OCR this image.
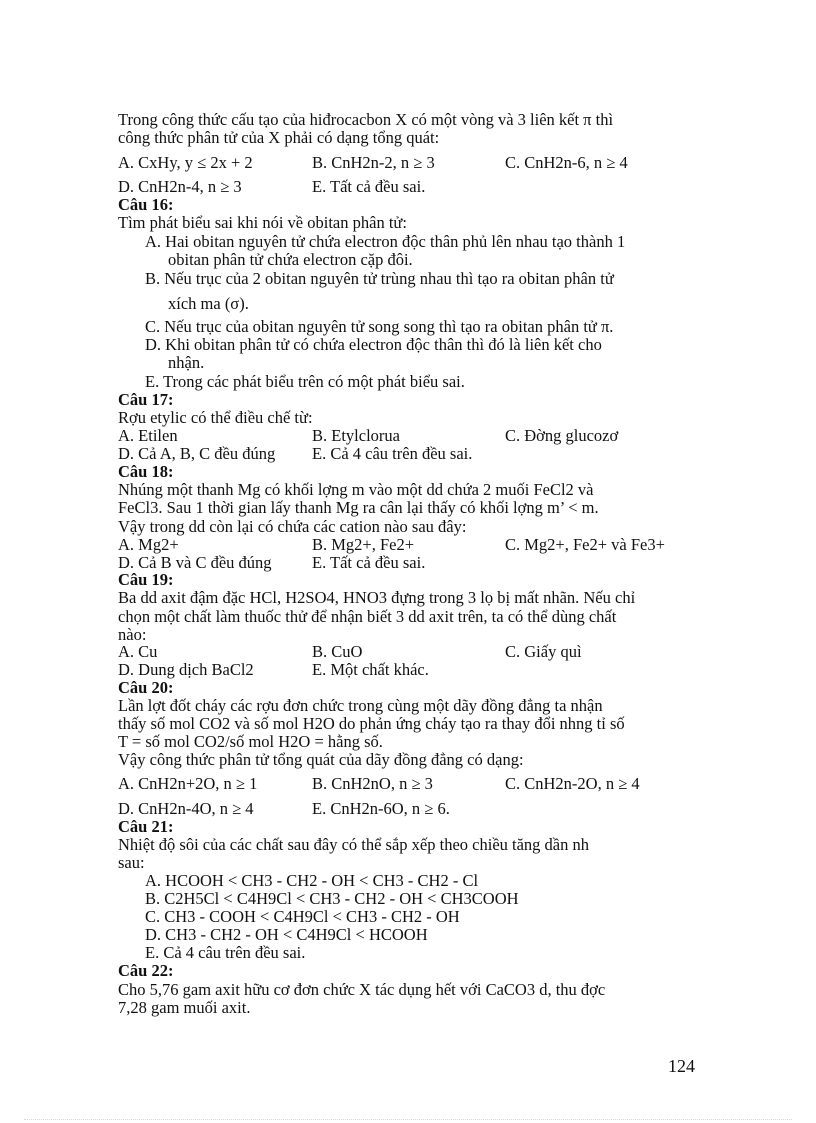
Trong công thức cấu tạo của hiđrocacbon X có một vòng và 3 liên kết π thì
công thức phân tử của X phải có dạng tổng quát:
A. CxHy, y ≤ 2x + 2	B. CnH2n-2, n ≥ 3	C. CnH2n-6, n ≥ 4
D. CnH2n-4, n ≥ 3	E. Tất cả đều sai.
Câu 16:
Tìm phát biểu sai khi nói về obitan phân tử:
A. Hai obitan nguyên tử chứa electron độc thân phủ lên nhau tạo thành 1
obitan phân tử chứa electron cặp đôi.
B. Nếu trục của 2 obitan nguyên tử trùng nhau thì tạo ra obitan phân tử
xích ma (σ).
C. Nếu trục của obitan nguyên tử song song thì tạo ra obitan phân tử π.
D. Khi obitan phân tử có chứa electron độc thân thì đó là liên kết cho
nhận.
E. Trong các phát biểu trên có một phát biểu sai.
Câu 17:
Rợu etylic có thể điều chế từ:
A. Etilen	B. Etylclorua	C. Đờng glucozơ
D. Cả A, B, C đều đúng E. Cả 4 câu trên đều sai.
Câu 18:
Nhúng một thanh Mg có khối lợng m vào một dd chứa 2 muối FeCl2 và
FeCl3. Sau 1 thời gian lấy thanh Mg ra cân lại thấy có khối lợng m’ < m.
Vậy trong dd còn lại có chứa các cation nào sau đây:
A. Mg2+	B. Mg2+, Fe2+	C. Mg2+, Fe2+ và Fe3+
D. Cả B và C đều đúng E. Tất cả đều sai.
Câu 19:
Ba dd axit đậm đặc HCl, H2SO4, HNO3 đựng trong 3 lọ bị mất nhãn. Nếu chỉ
chọn một chất làm thuốc thử để nhận biết 3 dd axit trên, ta có thể dùng chất
nào:
A. Cu	B. CuO	C. Giấy quì
D. Dung dịch BaCl2	E. Một chất khác.
Câu 20:
Lần lợt đốt cháy các rợu đơn chức trong cùng một dãy đồng đẳng ta nhận
thấy số mol CO2 và số mol H2O do phản ứng cháy tạo ra thay đổi nhng tỉ số
T = số mol CO2/số mol H2O = hằng số.
Vậy công thức phân tử tổng quát của dãy đồng đẳng có dạng:
A. CnH2n+2O, n ≥ 1	B. CnH2nO, n ≥ 3	C. CnH2n-2O, n ≥ 4
D. CnH2n-4O, n ≥ 4	E. CnH2n-6O, n ≥ 6.
Câu 21:
Nhiệt độ sôi của các chất sau đây có thể sắp xếp theo chiều tăng dần nh
sau:
A. HCOOH < CH3 - CH2 - OH < CH3 - CH2 - Cl
B. C2H5Cl < C4H9Cl < CH3 - CH2 - OH < CH3COOH
C. CH3 - COOH < C4H9Cl < CH3 - CH2 - OH
D. CH3 - CH2 - OH < C4H9Cl < HCOOH
E. Cả 4 câu trên đều sai.
Câu 22:
Cho 5,76 gam axit hữu cơ đơn chức X tác dụng hết với CaCO3 d, thu đợc
7,28 gam muối axit.
124
